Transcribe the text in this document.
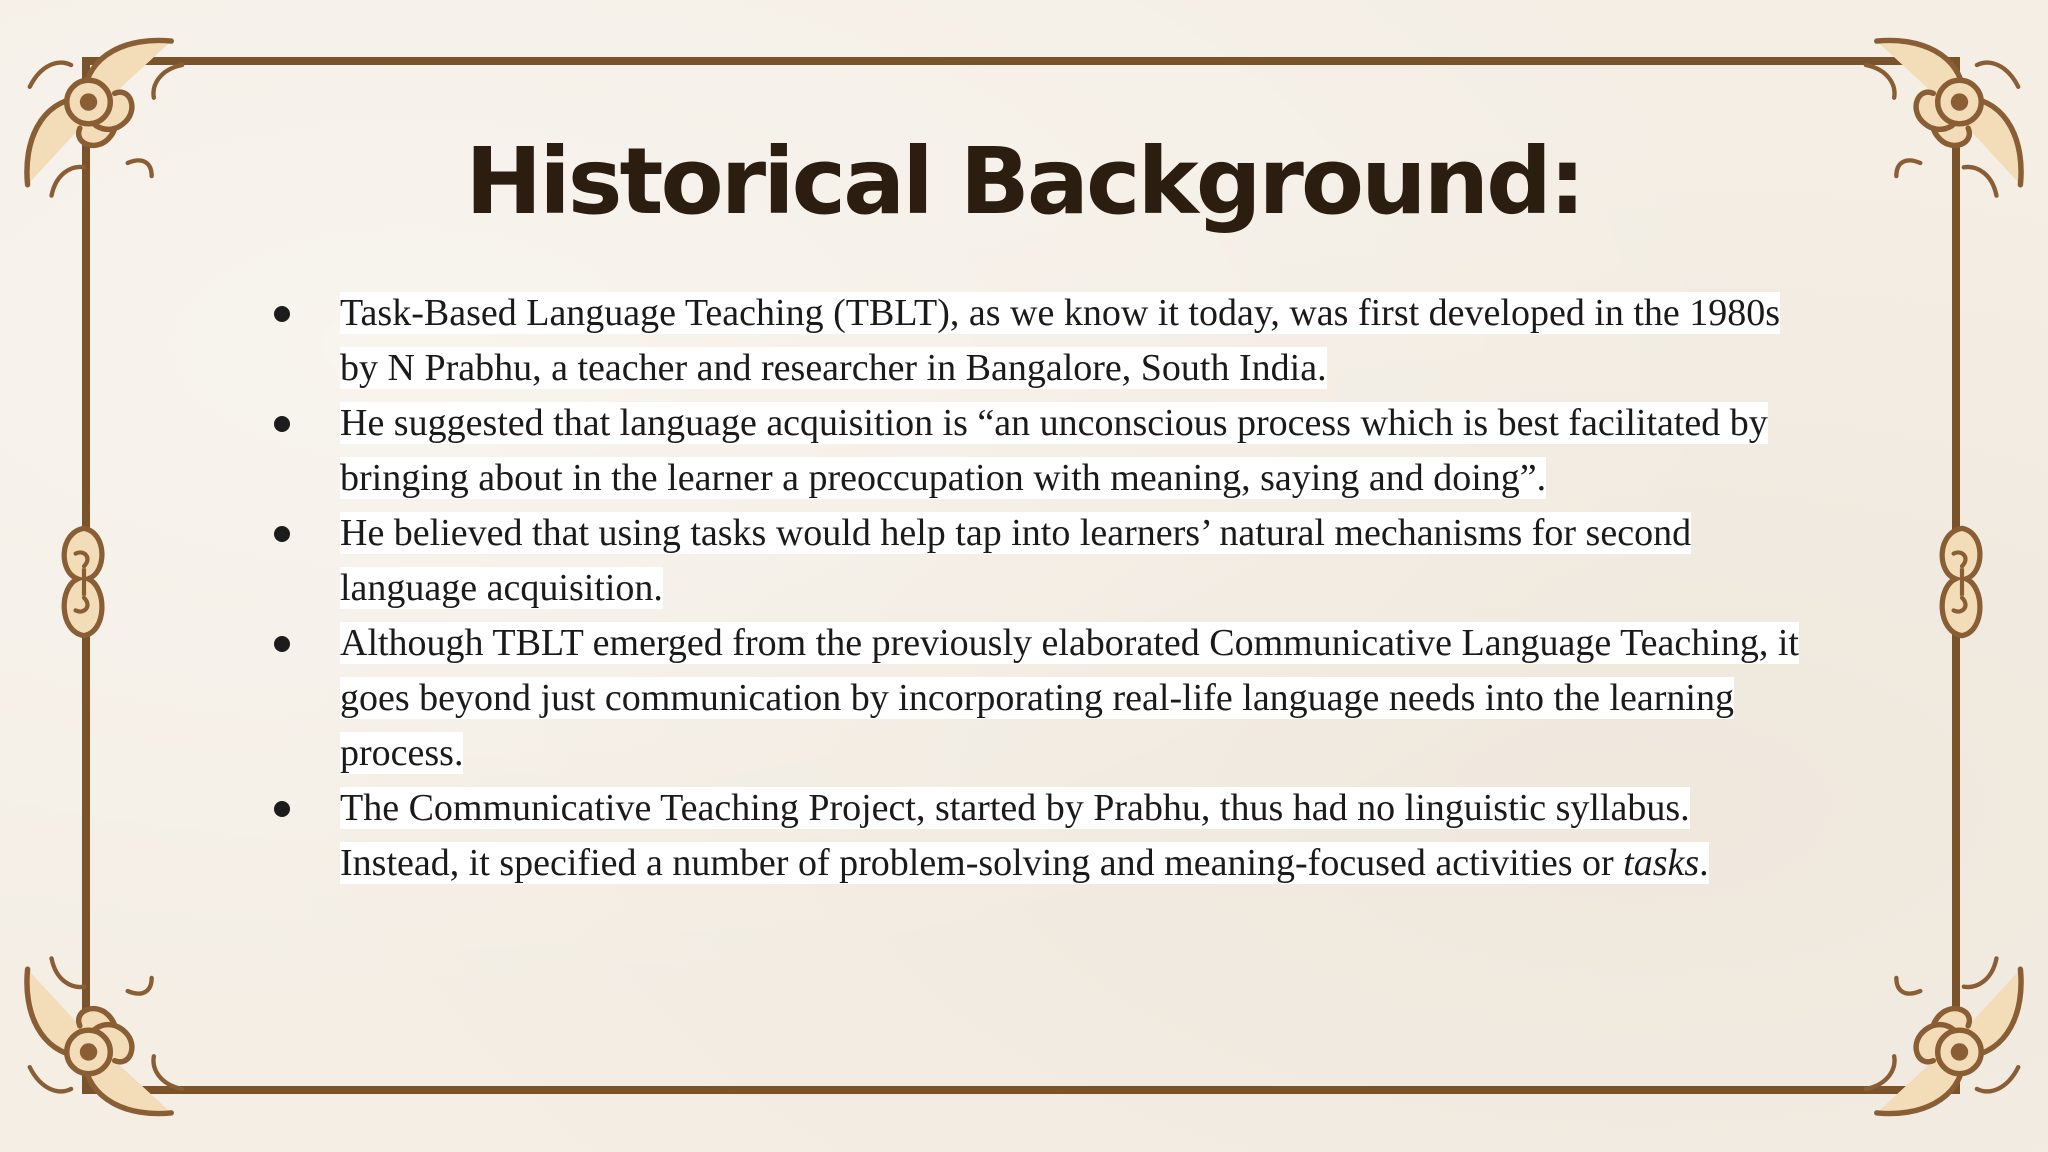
Historical Background:
Task-Based Language Teaching (TBLT), as we know it today, was first developed in the 1980s by N Prabhu, a teacher and researcher in Bangalore, South India.
He suggested that language acquisition is “an unconscious process which is best facilitated by bringing about in the learner a preoccupation with meaning, saying and doing”.
He believed that using tasks would help tap into learners’ natural mechanisms for second language acquisition.
Although TBLT emerged from the previously elaborated Communicative Language Teaching, it goes beyond just communication by incorporating real-life language needs into the learning process.
The Communicative Teaching Project, started by Prabhu, thus had no linguistic syllabus. Instead, it specified a number of problem-solving and meaning-focused activities or tasks.
